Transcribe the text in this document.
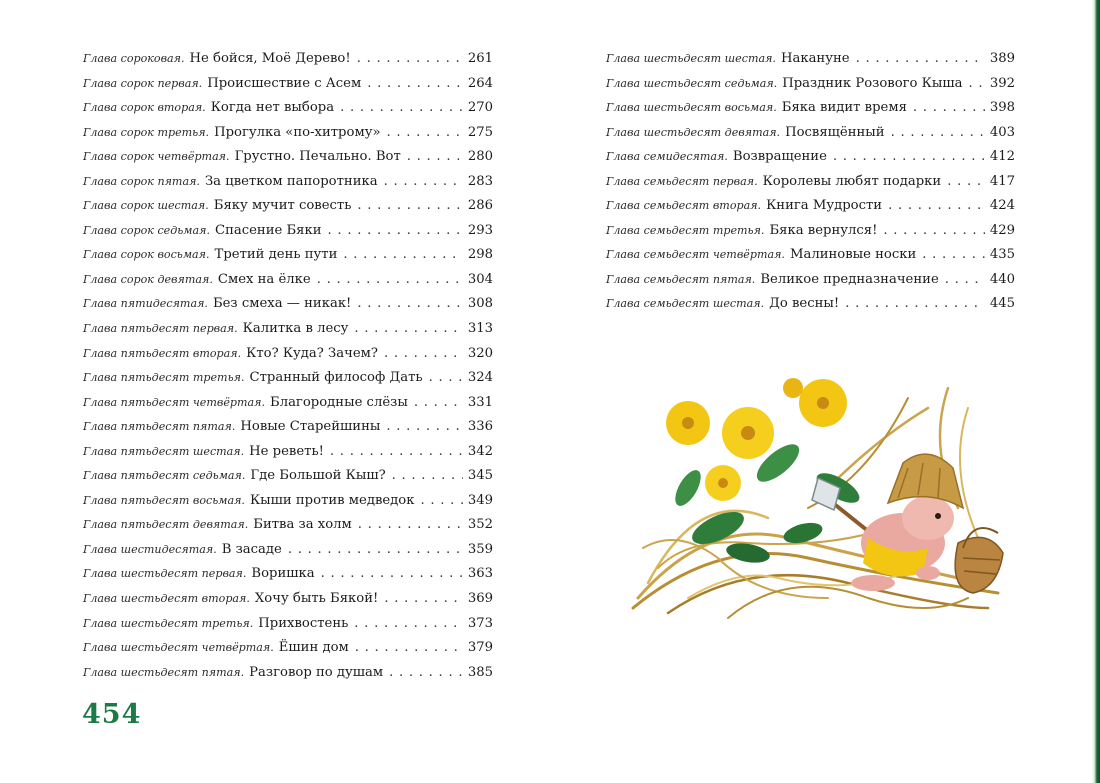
Глава сороковая. Не бойся, Моё Дерево! . . .	261
Глава сорок первая. Происшествие с Асем . . .	264
Глава сорок вторая. Когда нет выбора . . .	270
Глава сорок третья. Прогулка «по-хитрому» . . .	275
Глава сорок четвёртая. Грустно. Печально. Вот . . .	280
Глава сорок пятая. За цветком папоротника . . .	283
Глава сорок шестая. Бяку мучит совесть . . .	286
Глава сорок седьмая. Спасение Бяки . . .	293
Глава сорок восьмая. Третий день пути . . .	298
Глава сорок девятая. Смех на ёлке . . .	304
Глава пятидесятая. Без смеха — никак! . . .	308
Глава пятьдесят первая. Калитка в лесу . . .	313
Глава пятьдесят вторая. Кто? Куда? Зачем? . . .	320
Глава пятьдесят третья. Странный философ Дать . . .	324
Глава пятьдесят четвёртая. Благородные слёзы . . .	331
Глава пятьдесят пятая. Новые Старейшины . . .	336
Глава пятьдесят шестая. Не реветь! . . .	342
Глава пятьдесят седьмая. Где Большой Кыш? . . .	345
Глава пятьдесят восьмая. Кыши против медведок . . .	349
Глава пятьдесят девятая. Битва за холм . . .	352
Глава шестидесятая. В засаде . . .	359
Глава шестьдесят первая. Воришка . . .	363
Глава шестьдесят вторая. Хочу быть Бякой! . . .	369
Глава шестьдесят третья. Прихвостень . . .	373
Глава шестьдесят четвёртая. Ёшин дом . . .	379
Глава шестьдесят пятая. Разговор по душам . . .	385
Глава шестьдесят шестая. Накануне . . .	389
Глава шестьдесят седьмая. Праздник Розового Кыша . . . 392
Глава шестьдесят восьмая. Бяка видит время . . .	398
Глава шестьдесят девятая. Посвящённый . . .	403
Глава семидесятая. Возвращение . . .	412
Глава семьдесят первая. Королевы любят подарки . . .	417
Глава семьдесят вторая. Книга Мудрости . . .	424
Глава семьдесят третья. Бяка вернулся! . . .	429
Глава семьдесят четвёртая. Малиновые носки . . .	435
Глава семьдесят пятая. Великое предназначение . . .	440
Глава семьдесят шестая. До весны! . . .	445
454
